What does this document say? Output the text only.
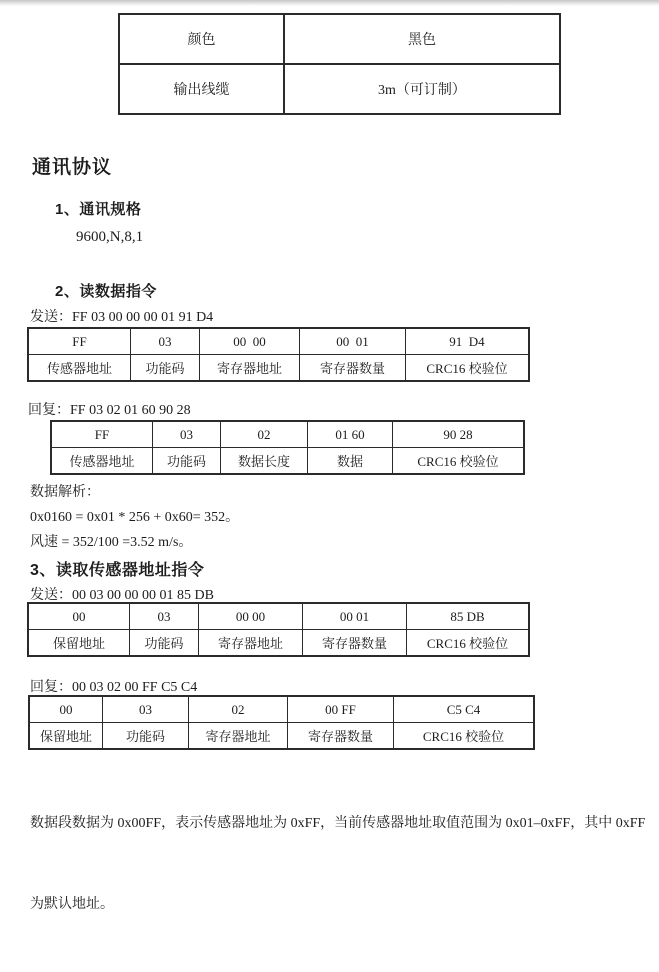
颜色	黑色
输出线缆	3m（可订制）
通讯协议
1、通讯规格
9600,N,8,1
2、读数据指令
发送：FF 03 00 00 00 01 91 D4
FF	03	00  00	00  01	91  D4
传感器地址	功能码	寄存器地址	寄存器数量	CRC16 校验位
回复：FF 03 02 01 60 90 28
FF	03	02	01 60	90 28
传感器地址	功能码	数据长度	数据	CRC16 校验位
数据解析：
0x0160 = 0x01 * 256 + 0x60= 352。
风速 = 352/100 =3.52 m/s。
3、读取传感器地址指令
发送：00 03 00 00 00 01 85 DB
00	03	00 00	00 01	85 DB
保留地址	功能码	寄存器地址	寄存器数量	CRC16 校验位
回复：00 03 02 00 FF C5 C4
00	03	02	00 FF	C5 C4
保留地址	功能码	寄存器地址	寄存器数量	CRC16 校验位

数据段数据为 0x00FF，表示传感器地址为 0xFF，当前传感器地址取值范围为 0x01–0xFF，其中 0xFF

为默认地址。
